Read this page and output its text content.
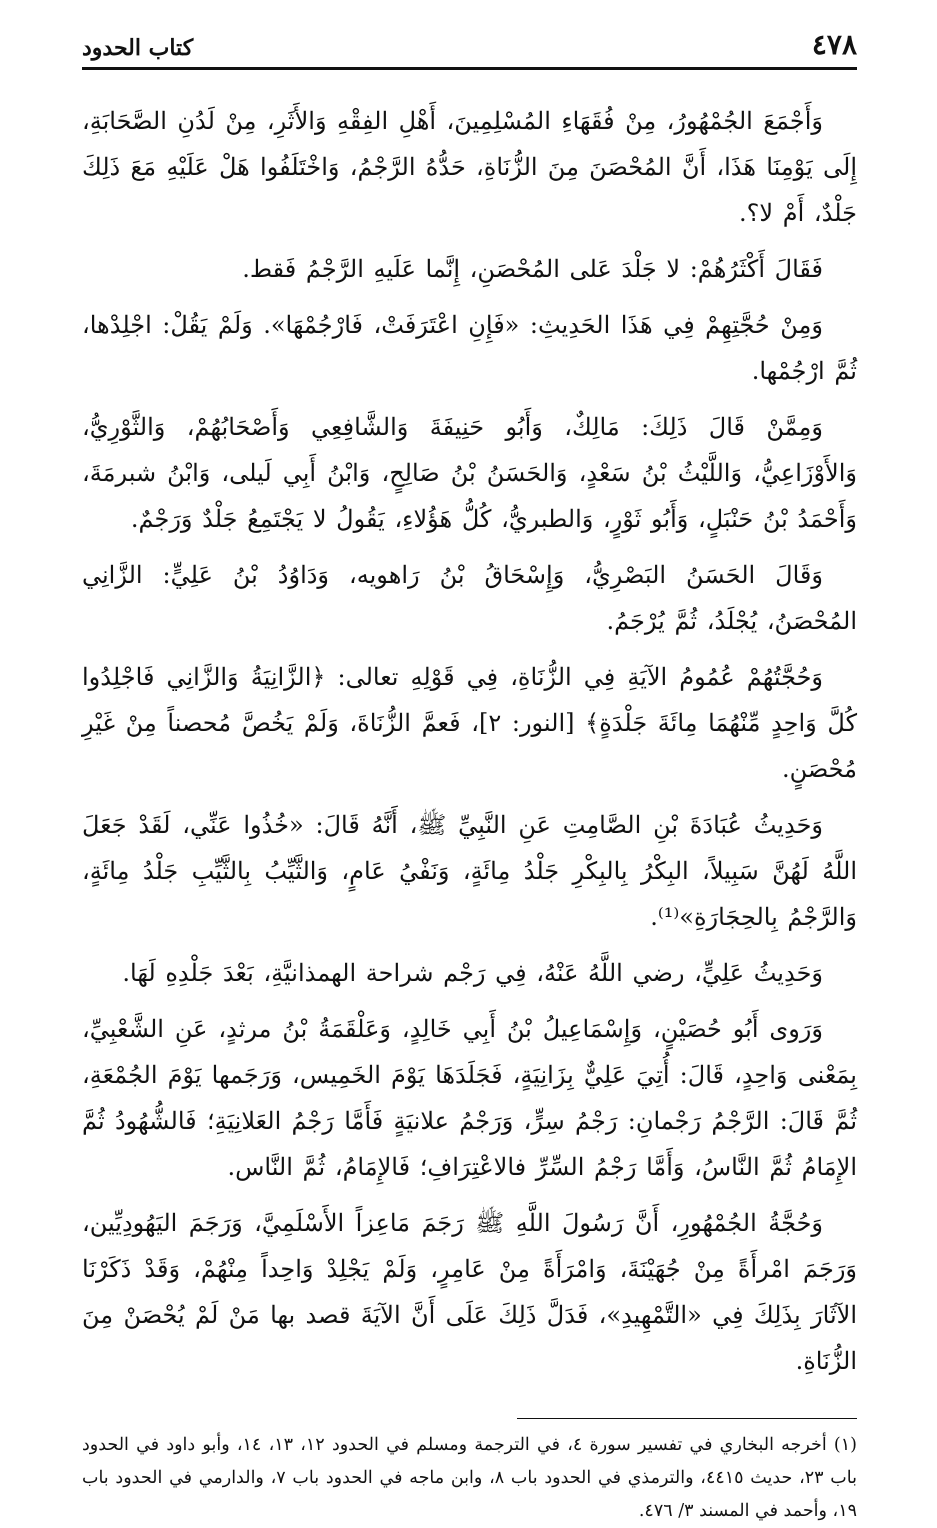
٤٧٨
كتاب الحدود

وَأَجْمَعَ الجُمْهُورُ، مِنْ فُقَهَاءِ المُسْلِمِينَ، أَهْلِ الفِقْهِ وَالأَثَرِ، مِنْ لَدُنِ الصَّحَابَةِ، إِلَى يَوْمِنَا هَذَا، أَنَّ المُحْصَنَ مِنَ الزُّنَاةِ، حَدُّهُ الرَّجْمُ، وَاخْتَلَفُوا هَلْ عَلَيْهِ مَعَ ذَلِكَ جَلْدٌ، أَمْ لا؟.

فَقَالَ أَكْثَرُهُمْ: لا جَلْدَ عَلى المُحْصَنِ، إِنَّما عَلَيهِ الرَّجْمُ فَقط.

وَمِنْ حُجَّتِهِمْ فِي هَذَا الحَدِيثِ: «فَإِنِ اعْتَرَفَتْ، فَارْجُمْهَا». وَلَمْ يَقُلْ: اجْلِدْها، ثُمَّ ارْجُمْها.

وَمِمَّنْ قَالَ ذَلِكَ: مَالِكٌ، وَأَبُو حَنِيفَةَ وَالشَّافِعِي وَأَصْحَابُهُمْ، وَالثَّوْرِيُّ، وَالأَوْزَاعِيُّ، وَاللَّيْثُ بْنُ سَعْدٍ، وَالحَسَنُ بْنُ صَالِحٍ، وَابْنُ أَبِي لَيلى، وَابْنُ شبرمَةَ، وَأَحْمَدُ بْنُ حَنْبَلٍ، وَأَبُو ثَوْرٍ، وَالطبريُّ، كُلُّ هَؤُلاءِ، يَقُولُ لا يَجْتَمِعُ جَلْدٌ وَرَجْمٌ.

وَقَالَ الحَسَنُ البَصْرِيُّ، وَإِسْحَاقُ بْنُ رَاهويه، وَدَاوُدُ بْنُ عَلِيٍّ: الزَّانِي المُحْصَنُ، يُجْلَدُ، ثُمَّ يُرْجَمُ.

وَحُجَّتُهُمْ عُمُومُ الآيَةِ فِي الزُّنَاةِ، فِي قَوْلِهِ تعالى: ﴿الزَّانِيَةُ وَالزَّانِي فَاجْلِدُوا كُلَّ وَاحِدٍ مِّنْهُمَا مِائَةَ جَلْدَةٍ﴾ [النور: ٢]، فَعمَّ الزُّنَاةَ، وَلَمْ يَخُصَّ مُحصناً مِنْ غَيْرِ مُحْصَنٍ.

وَحَدِيثُ عُبَادَةَ بْنِ الصَّامِتِ عَنِ النَّبِيِّ ﷺ، أَنَّهُ قَالَ: «خُذُوا عَنِّي، لَقَدْ جَعَلَ اللَّهُ لَهُنَّ سَبِيلاً، البِكْرُ بِالبِكْرِ جَلْدُ مِائَةٍ، وَنَفْيُ عَامٍ، وَالثَّيِّبُ بِالثَّيِّبِ جَلْدُ مِائَةٍ، وَالرَّجْمُ بِالحِجَارَةِ»⁽¹⁾.

وَحَدِيثُ عَلِيٍّ، رضي اللَّهُ عَنْهُ، فِي رَجْم شراحة الهمذانيَّةِ، بَعْدَ جَلْدِهِ لَهَا.

وَرَوى أَبُو حُصَيْنٍ، وَإِسْمَاعِيلُ بْنُ أَبِي خَالِدٍ، وَعَلْقَمَةُ بْنُ مرثدٍ، عَنِ الشَّعْبِيِّ، بِمَعْنى وَاحِدٍ، قَالَ: أُتِيَ عَلِيٌّ بِزَانِيَةٍ، فَجَلَدَهَا يَوْمَ الخَمِيس، وَرَجَمها يَوْمَ الجُمْعَةِ، ثُمَّ قَالَ: الرَّجْمُ رَجْمانِ: رَجْمُ سِرٍّ، وَرَجْمُ علانيَةٍ فَأَمَّا رَجْمُ العَلانِيَةِ؛ فَالشُّهُودُ ثُمَّ الإِمَامُ ثُمَّ النَّاسُ، وَأَمَّا رَجْمُ السِّرِّ فالاعْتِرَافِ؛ فَالإِمَامُ، ثُمَّ النَّاس.

وَحُجَّةُ الجُمْهُورِ، أَنَّ رَسُولَ اللَّهِ ﷺ رَجَمَ مَاعِزاً الأَسْلَمِيَّ، وَرَجَمَ اليَهُودِيِّين، وَرَجَمَ امْرأَةً مِنْ جُهَيْنَةَ، وَامْرَأَةً مِنْ عَامِرٍ، وَلَمْ يَجْلِدْ وَاحِداً مِنْهُمْ، وَقَدْ ذَكَرْنَا الآثَارَ بِذَلِكَ فِي «التَّمْهِيدِ»، فَدَلَّ ذَلِكَ عَلَى أَنَّ الآيَةَ قصد بها مَنْ لَمْ يُحْصَنْ مِنَ الزُّنَاةِ.

(١) أخرجه البخاري في تفسير سورة ٤، في الترجمة ومسلم في الحدود ١٢، ١٣، ١٤، وأبو داود في الحدود باب ٢٣، حديث ٤٤١٥، والترمذي في الحدود باب ٨، وابن ماجه في الحدود باب ٧، والدارمي في الحدود باب ١٩، وأحمد في المسند ٣/ ٤٧٦.
